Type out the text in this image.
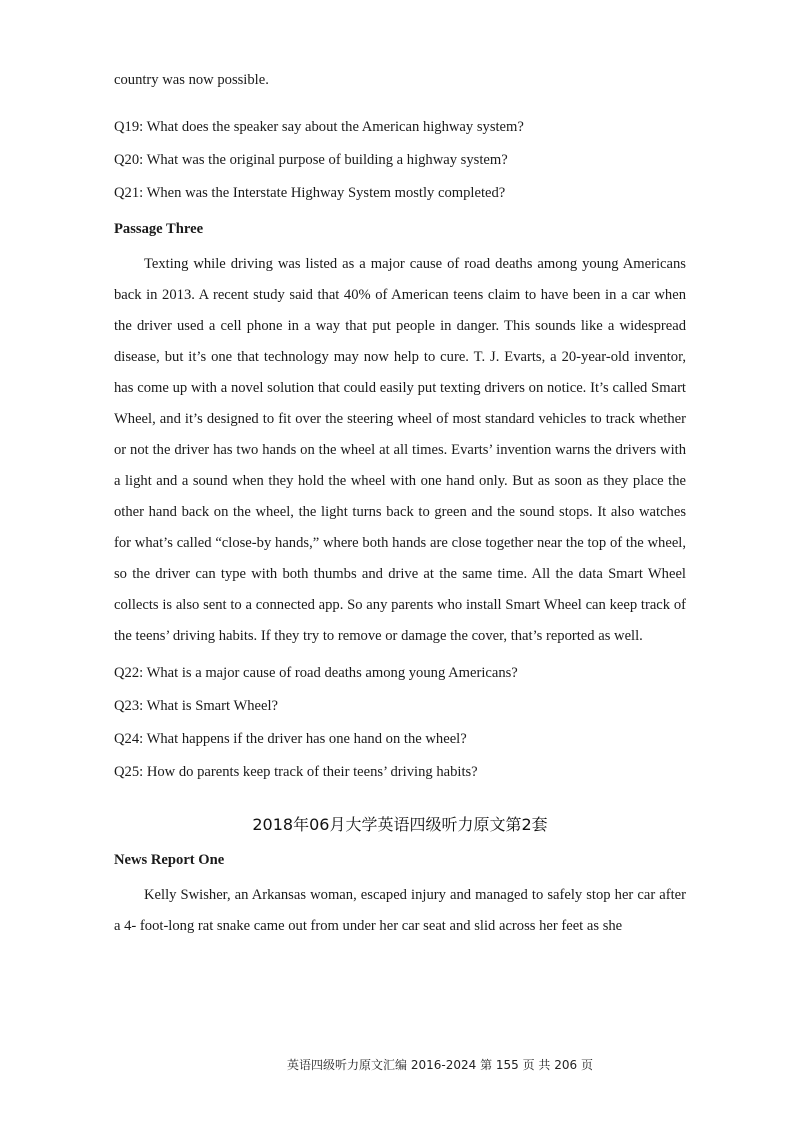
country was now possible.

Q19: What does the speaker say about the American highway system?

Q20: What was the original purpose of building a highway system?

Q21: When was the Interstate Highway System mostly completed?

Passage Three

Texting while driving was listed as a major cause of road deaths among young Americans back in 2013. A recent study said that 40% of American teens claim to have been in a car when the driver used a cell phone in a way that put people in danger. This sounds like a widespread disease, but it’s one that technology may now help to cure. T. J. Evarts, a 20-year-old inventor, has come up with a novel solution that could easily put texting drivers on notice. It’s called Smart Wheel, and it’s designed to fit over the steering wheel of most standard vehicles to track whether or not the driver has two hands on the wheel at all times. Evarts’ invention warns the drivers with a light and a sound when they hold the wheel with one hand only. But as soon as they place the other hand back on the wheel, the light turns back to green and the sound stops. It also watches for what’s called “close-by hands,” where both hands are close together near the top of the wheel, so the driver can type with both thumbs and drive at the same time. All the data Smart Wheel collects is also sent to a connected app. So any parents who install Smart Wheel can keep track of the teens’ driving habits. If they try to remove or damage the cover, that’s reported as well.

Q22: What is a major cause of road deaths among young Americans?

Q23: What is Smart Wheel?

Q24: What happens if the driver has one hand on the wheel?

Q25: How do parents keep track of their teens’ driving habits?

2018年06月大学英语四级听力原文第2套

News Report One

Kelly Swisher, an Arkansas woman, escaped injury and managed to safely stop her car after a 4- foot-long rat snake came out from under her car seat and slid across her feet as she

英语四级听力原文汇编 2016-2024 第 155 页 共 206 页
